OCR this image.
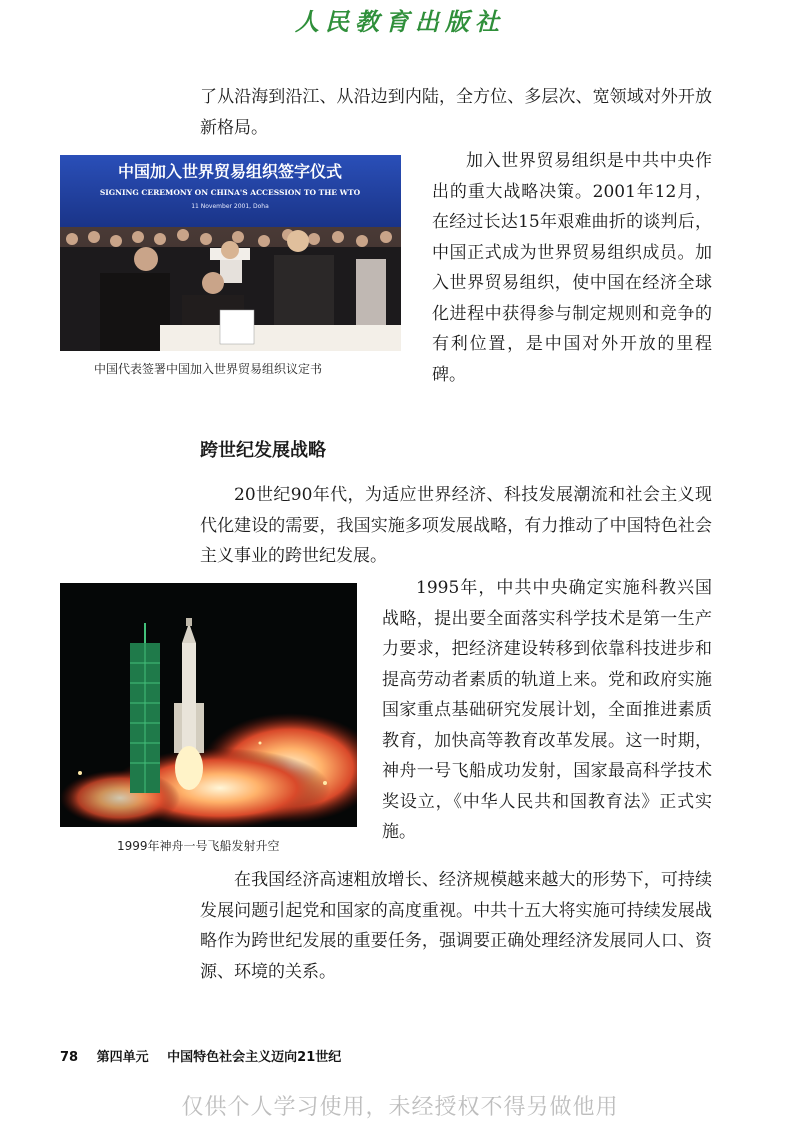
人民教育出版社

了从沿海到沿江、从沿边到内陆，全方位、多层次、宽领域对外开放新格局。

中国加入世界贸易组织签字仪式
SIGNING CEREMONY ON CHINA'S ACCESSION TO THE WTO
11 November 2001, Doha

中国代表签署中国加入世界贸易组织议定书

加入世界贸易组织是中共中央作出的重大战略决策。2001年12月，在经过长达15年艰难曲折的谈判后，中国正式成为世界贸易组织成员。加入世界贸易组织，使中国在经济全球化进程中获得参与制定规则和竞争的有利位置，是中国对外开放的里程碑。

跨世纪发展战略

20世纪90年代，为适应世界经济、科技发展潮流和社会主义现代化建设的需要，我国实施多项发展战略，有力推动了中国特色社会主义事业的跨世纪发展。

1999年神舟一号飞船发射升空

1995年，中共中央确定实施科教兴国战略，提出要全面落实科学技术是第一生产力要求，把经济建设转移到依靠科技进步和提高劳动者素质的轨道上来。党和政府实施国家重点基础研究发展计划，全面推进素质教育，加快高等教育改革发展。这一时期，神舟一号飞船成功发射，国家最高科学技术奖设立，《中华人民共和国教育法》正式实施。

在我国经济高速粗放增长、经济规模越来越大的形势下，可持续发展问题引起党和国家的高度重视。中共十五大将实施可持续发展战略作为跨世纪发展的重要任务，强调要正确处理经济发展同人口、资源、环境的关系。

78 第四单元 中国特色社会主义迈向21世纪
仅供个人学习使用，未经授权不得另做他用
